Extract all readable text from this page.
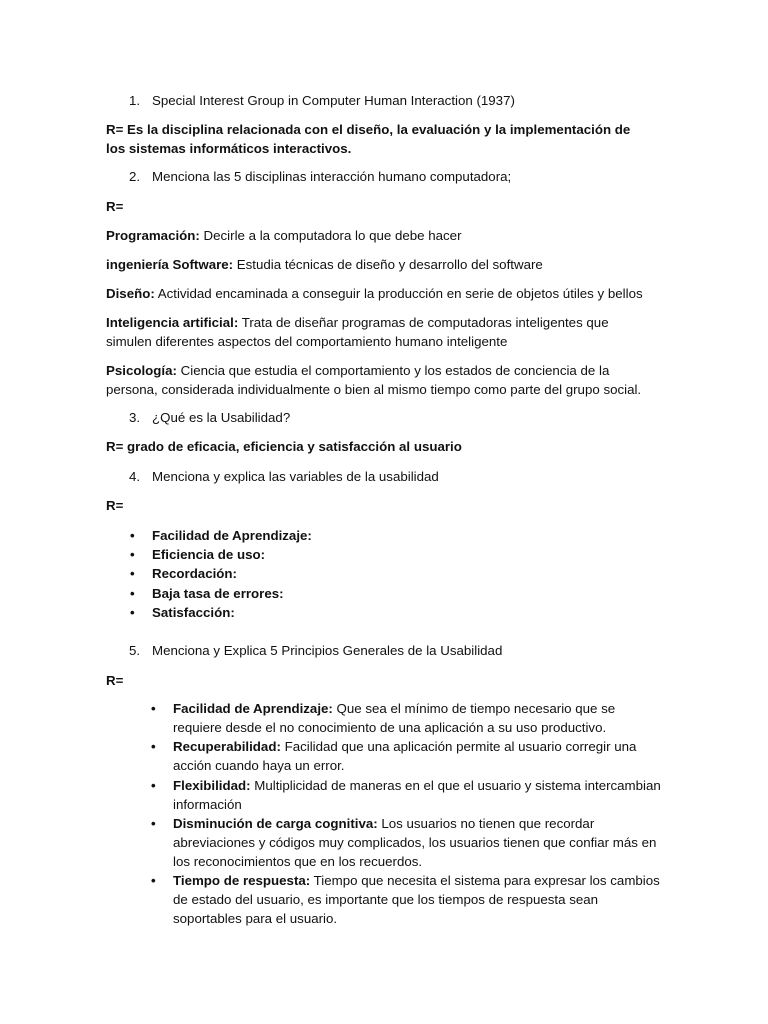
1. Special Interest Group in Computer Human Interaction (1937)
R= Es la disciplina relacionada con el diseño, la evaluación y la implementación de los sistemas informáticos interactivos.
2. Menciona las 5 disciplinas interacción humano computadora;
R=
Programación: Decirle a la computadora lo que debe hacer
ingeniería Software: Estudia técnicas de diseño y desarrollo del software
Diseño: Actividad encaminada a conseguir la producción en serie de objetos útiles y bellos
Inteligencia artificial: Trata de diseñar programas de computadoras inteligentes que simulen diferentes aspectos del comportamiento humano inteligente
Psicología: Ciencia que estudia el comportamiento y los estados de conciencia de la persona, considerada individualmente o bien al mismo tiempo como parte del grupo social.
3. ¿Qué es la Usabilidad?
R= grado de eficacia, eficiencia y satisfacción al usuario
4. Menciona y explica las variables de la usabilidad
R=
• Facilidad de Aprendizaje:
• Eficiencia de uso:
• Recordación:
• Baja tasa de errores:
• Satisfacción:
5. Menciona y Explica 5 Principios Generales de la Usabilidad
R=
• Facilidad de Aprendizaje: Que sea el mínimo de tiempo necesario que se requiere desde el no conocimiento de una aplicación a su uso productivo.
• Recuperabilidad: Facilidad que una aplicación permite al usuario corregir una acción cuando haya un error.
• Flexibilidad: Multiplicidad de maneras en el que el usuario y sistema intercambian información
• Disminución de carga cognitiva: Los usuarios no tienen que recordar abreviaciones y códigos muy complicados, los usuarios tienen que confiar más en los reconocimientos que en los recuerdos.
• Tiempo de respuesta: Tiempo que necesita el sistema para expresar los cambios de estado del usuario, es importante que los tiempos de respuesta sean soportables para el usuario.
